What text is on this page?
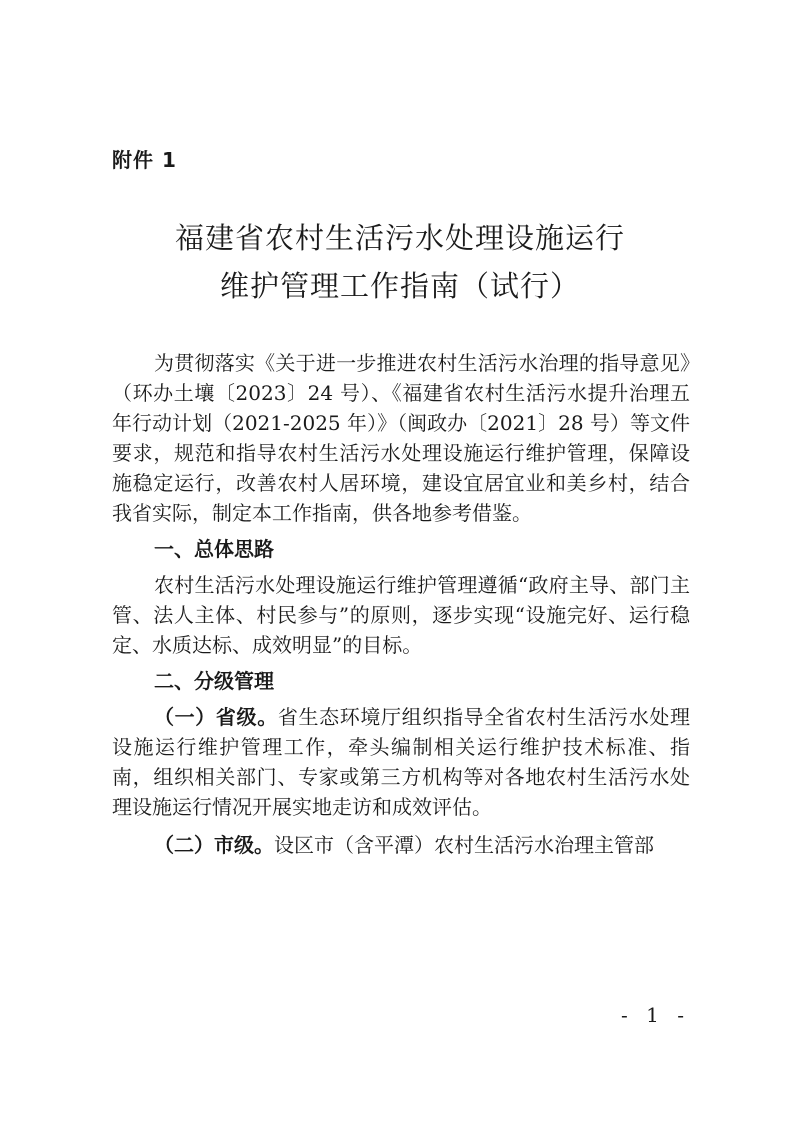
附件 1
福建省农村生活污水处理设施运行
维护管理工作指南（试行）

为贯彻落实《关于进一步推进农村生活污水治理的指导意见》（环办土壤〔2023〕24 号）、《福建省农村生活污水提升治理五年行动计划（2021-2025 年）》（闽政办〔2021〕28 号）等文件要求，规范和指导农村生活污水处理设施运行维护管理，保障设施稳定运行，改善农村人居环境，建设宜居宜业和美乡村，结合我省实际，制定本工作指南，供各地参考借鉴。

一、总体思路

农村生活污水处理设施运行维护管理遵循“政府主导、部门主管、法人主体、村民参与”的原则，逐步实现“设施完好、运行稳定、水质达标、成效明显”的目标。

二、分级管理

（一）省级。省生态环境厅组织指导全省农村生活污水处理设施运行维护管理工作，牵头编制相关运行维护技术标准、指南，组织相关部门、专家或第三方机构等对各地农村生活污水处理设施运行情况开展实地走访和成效评估。

（二）市级。设区市（含平潭）农村生活污水治理主管部

- 1 -
